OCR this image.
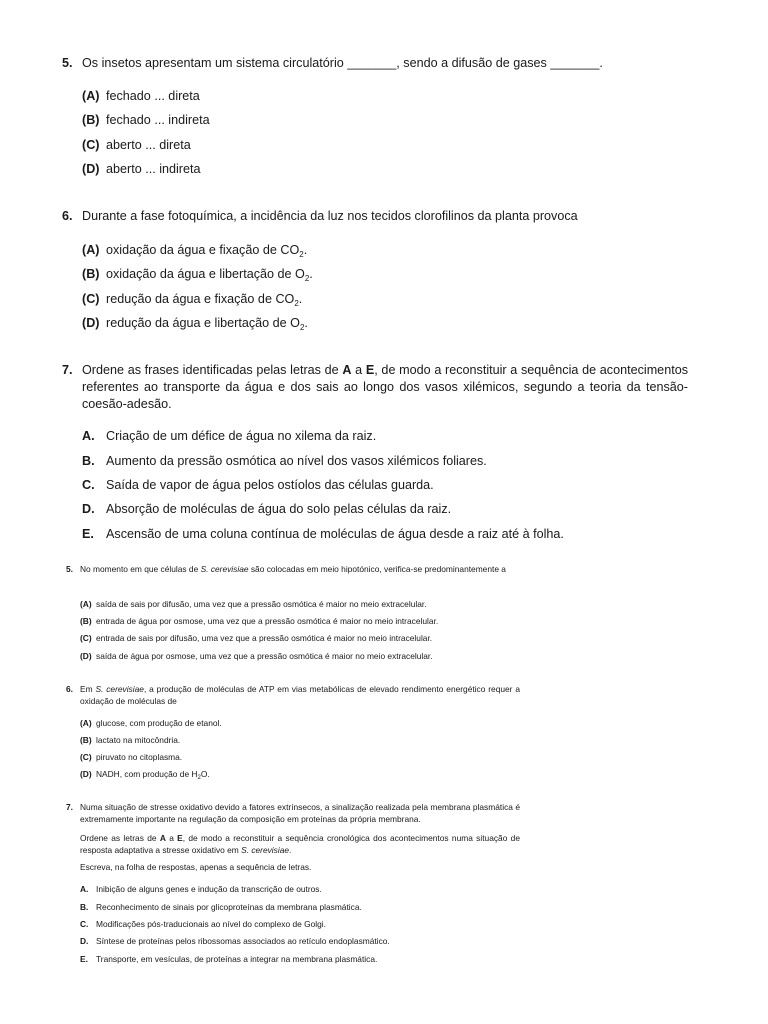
5. Os insetos apresentam um sistema circulatório _______, sendo a difusão de gases _______.
(A) fechado ... direta
(B) fechado ... indireta
(C) aberto ... direta
(D) aberto ... indireta
6. Durante a fase fotoquímica, a incidência da luz nos tecidos clorofilinos da planta provoca
(A) oxidação da água e fixação de $CO_2$.
(B) oxidação da água e libertação de $O_2$.
(C) redução da água e fixação de $CO_2$.
(D) redução da água e libertação de $O_2$.
7. Ordene as frases identificadas pelas letras de A a E, de modo a reconstituir a sequência de acontecimentos referentes ao transporte da água e dos sais ao longo dos vasos xilémicos, segundo a teoria da tensão-coesão-adesão.
A. Criação de um défice de água no xilema da raiz.
B. Aumento da pressão osmótica ao nível dos vasos xilémicos foliares.
C. Saída de vapor de água pelos ostíolos das células guarda.
D. Absorção de moléculas de água do solo pelas células da raiz.
E. Ascensão de uma coluna contínua de moléculas de água desde a raiz até à folha.
5. No momento em que células de S. cerevisiae são colocadas em meio hipotónico, verifica-se predominantemente a
(A) saída de sais por difusão, uma vez que a pressão osmótica é maior no meio extracelular.
(B) entrada de água por osmose, uma vez que a pressão osmótica é maior no meio intracelular.
(C) entrada de sais por difusão, uma vez que a pressão osmótica é maior no meio intracelular.
(D) saída de água por osmose, uma vez que a pressão osmótica é maior no meio extracelular.
6. Em S. cerevisiae, a produção de moléculas de ATP em vias metabólicas de elevado rendimento energético requer a oxidação de moléculas de
(A) glucose, com produção de etanol.
(B) lactato na mitocôndria.
(C) piruvato no citoplasma.
(D) NADH, com produção de $H_2O$.
7. Numa situação de stresse oxidativo devido a fatores extrínsecos, a sinalização realizada pela membrana plasmática é extremamente importante na regulação da composição em proteínas da própria membrana.
Ordene as letras de A a E, de modo a reconstituir a sequência cronológica dos acontecimentos numa situação de resposta adaptativa a stresse oxidativo em S. cerevisiae.
Escreva, na folha de respostas, apenas a sequência de letras.
A. Inibição de alguns genes e indução da transcrição de outros.
B. Reconhecimento de sinais por glicoproteínas da membrana plasmática.
C. Modificações pós-traducionais ao nível do complexo de Golgi.
D. Síntese de proteínas pelos ribossomas associados ao retículo endoplasmático.
E. Transporte, em vesículas, de proteínas a integrar na membrana plasmática.
